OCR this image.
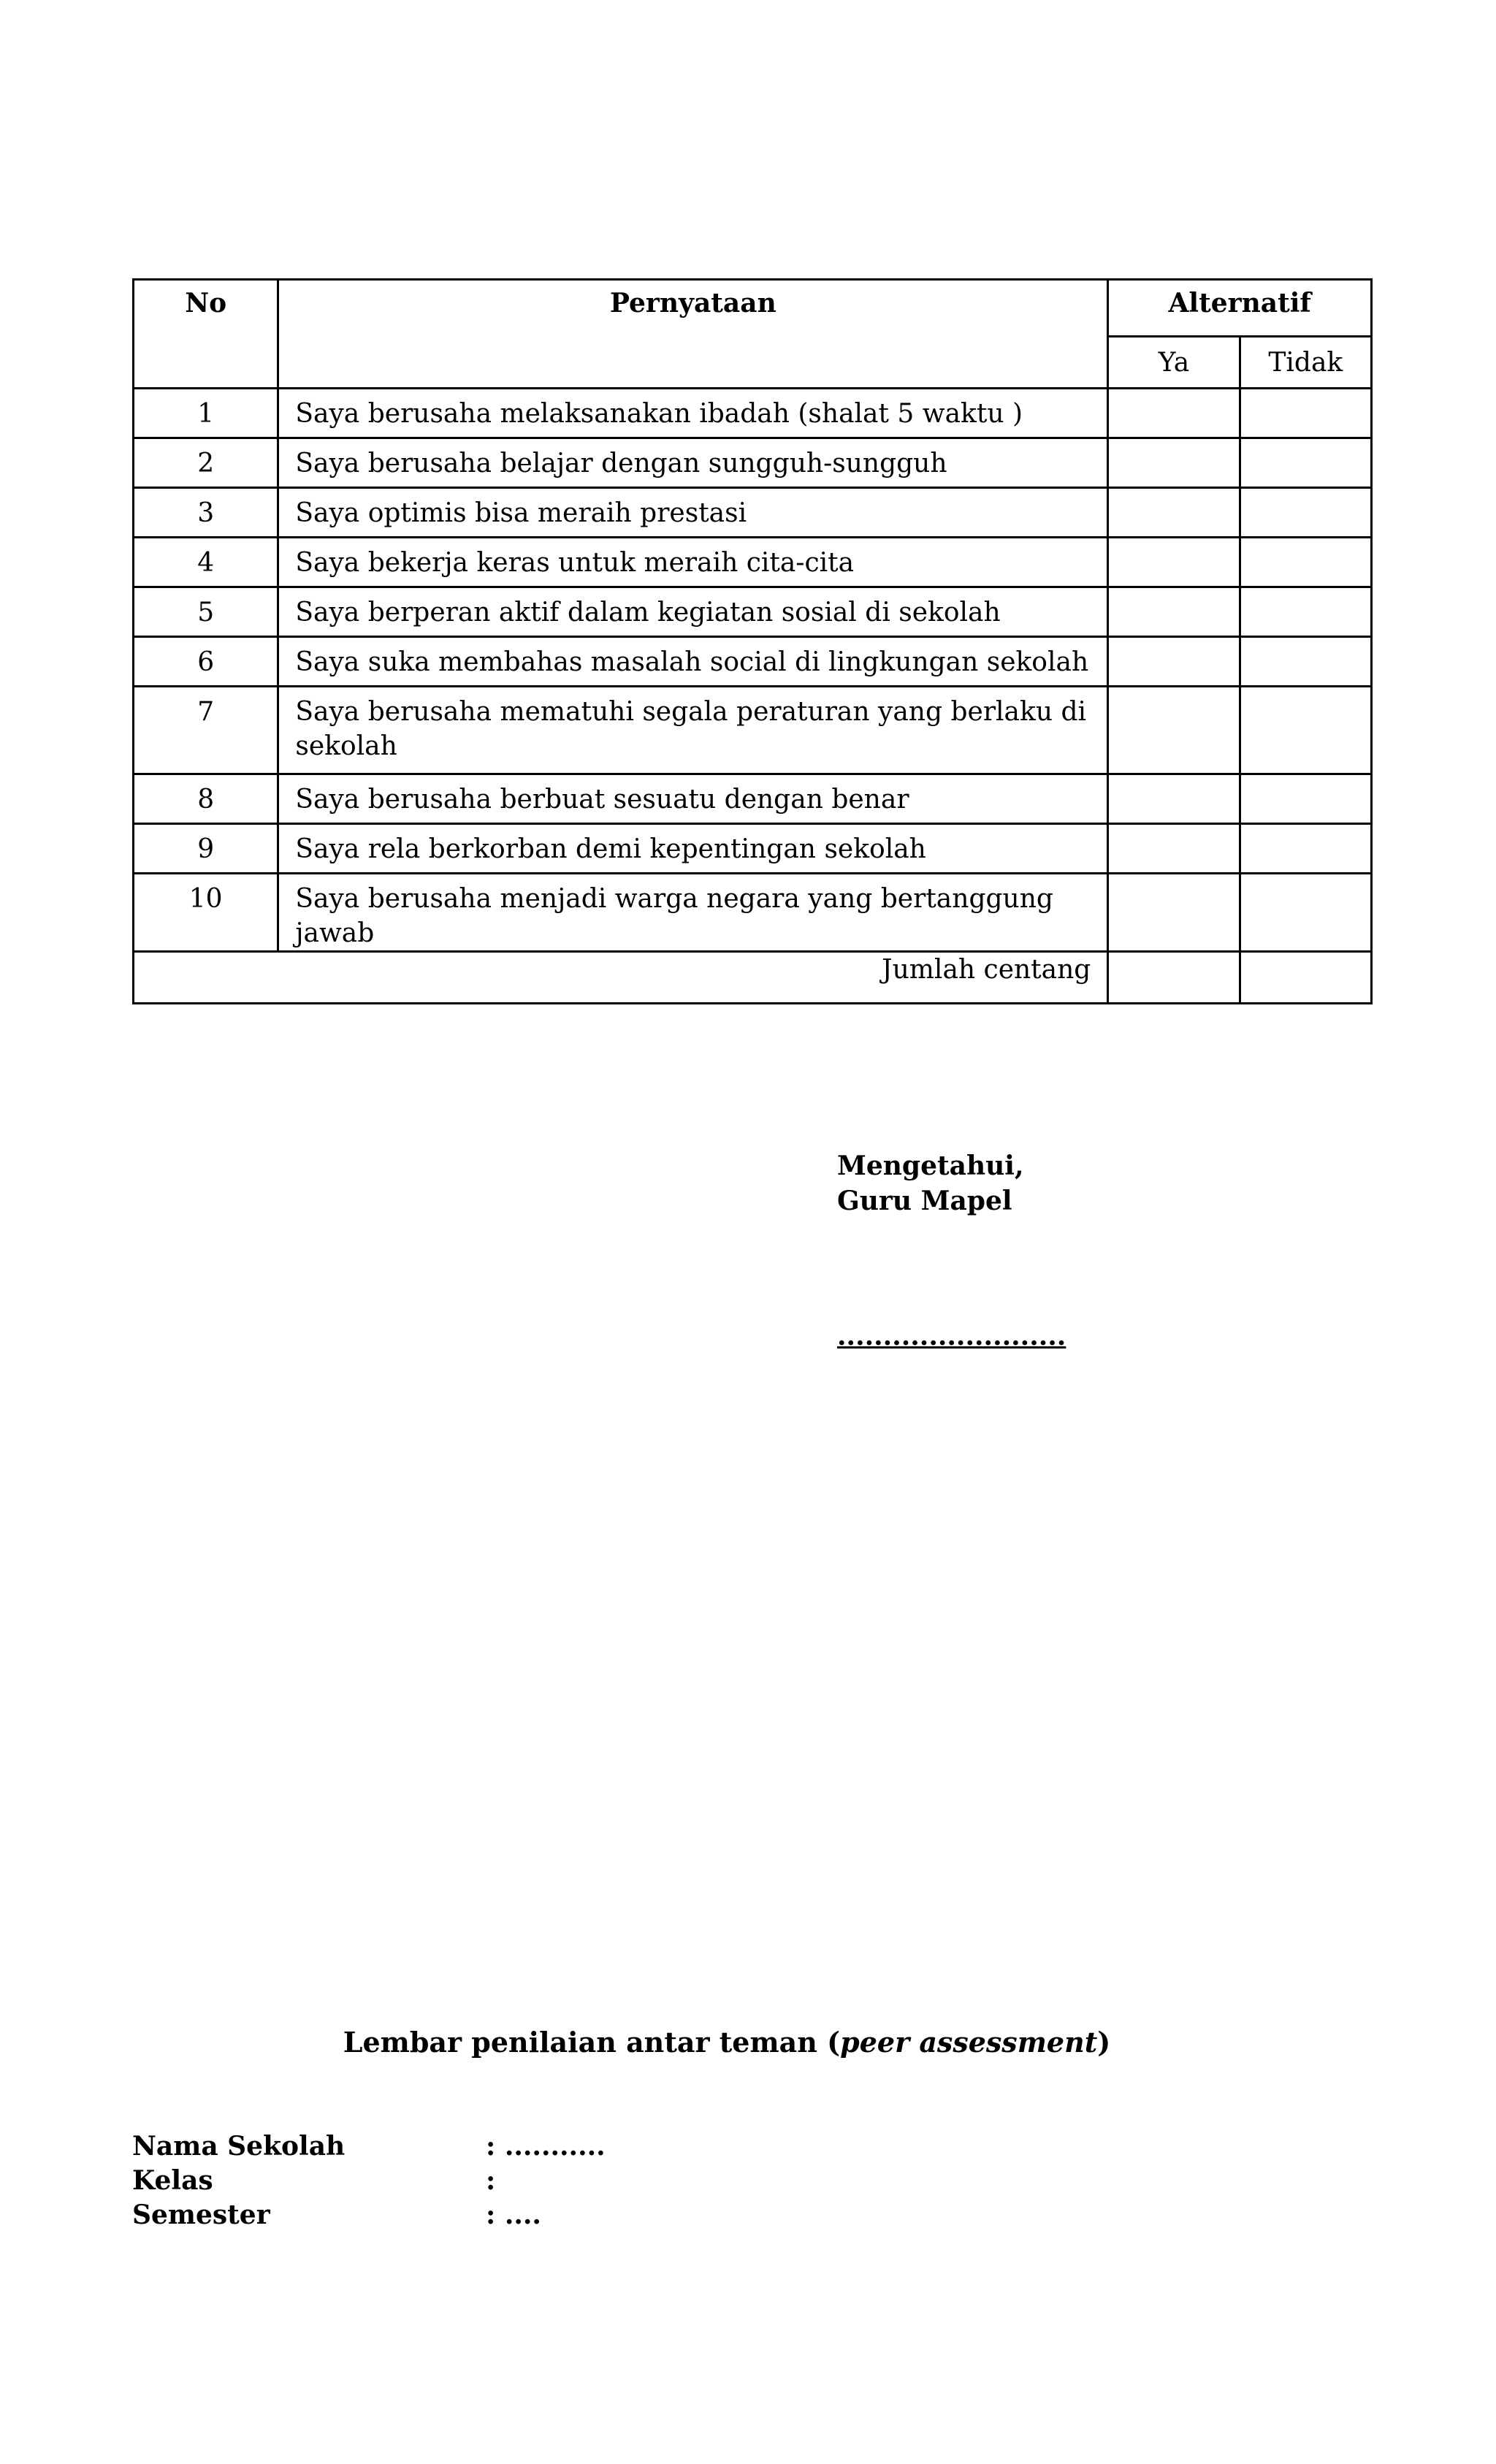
No	Pernyataan	Alternatif	
		Ya	Tidak
1	Saya berusaha melaksanakan ibadah (shalat 5 waktu )		
2	Saya berusaha belajar dengan sungguh-sungguh		
3	Saya optimis bisa meraih prestasi		
4	Saya bekerja keras untuk meraih cita-cita		
5	Saya berperan aktif dalam kegiatan sosial di sekolah		
6	Saya suka membahas masalah social di lingkungan sekolah		
7	Saya berusaha mematuhi segala peraturan yang berlaku di sekolah		
8	Saya berusaha berbuat sesuatu dengan benar		
9	Saya rela berkorban demi kepentingan sekolah		
10	Saya berusaha menjadi warga negara yang bertanggung jawab		
Jumlah centang			
Mengetahui,
Guru Mapel
.........................
Lembar penilaian antar teman (peer assessment)
Nama Sekolah	: ...........
Kelas	:
Semester	: ....
